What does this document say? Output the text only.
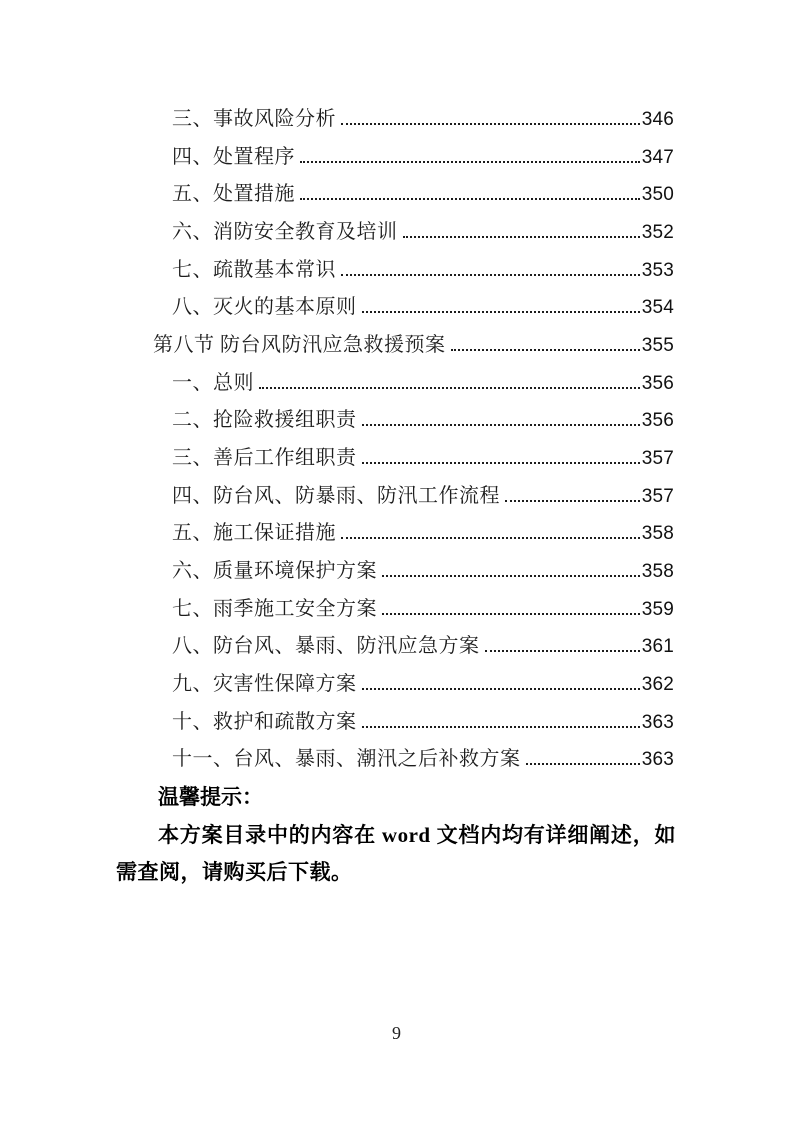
三、事故风险分析	346
四、处置程序	347
五、处置措施	350
六、消防安全教育及培训	352
七、疏散基本常识	353
八、灭火的基本原则	354
第八节 防台风防汛应急救援预案	355
一、总则	356
二、抢险救援组职责	356
三、善后工作组职责	357
四、防台风、防暴雨、防汛工作流程	357
五、施工保证措施	358
六、质量环境保护方案	358
七、雨季施工安全方案	359
八、防台风、暴雨、防汛应急方案	361
九、灾害性保障方案	362
十、救护和疏散方案	363
十一、台风、暴雨、潮汛之后补救方案	363

温馨提示：

本方案目录中的内容在 word 文档内均有详细阐述，如需查阅，请购买后下载。

9
